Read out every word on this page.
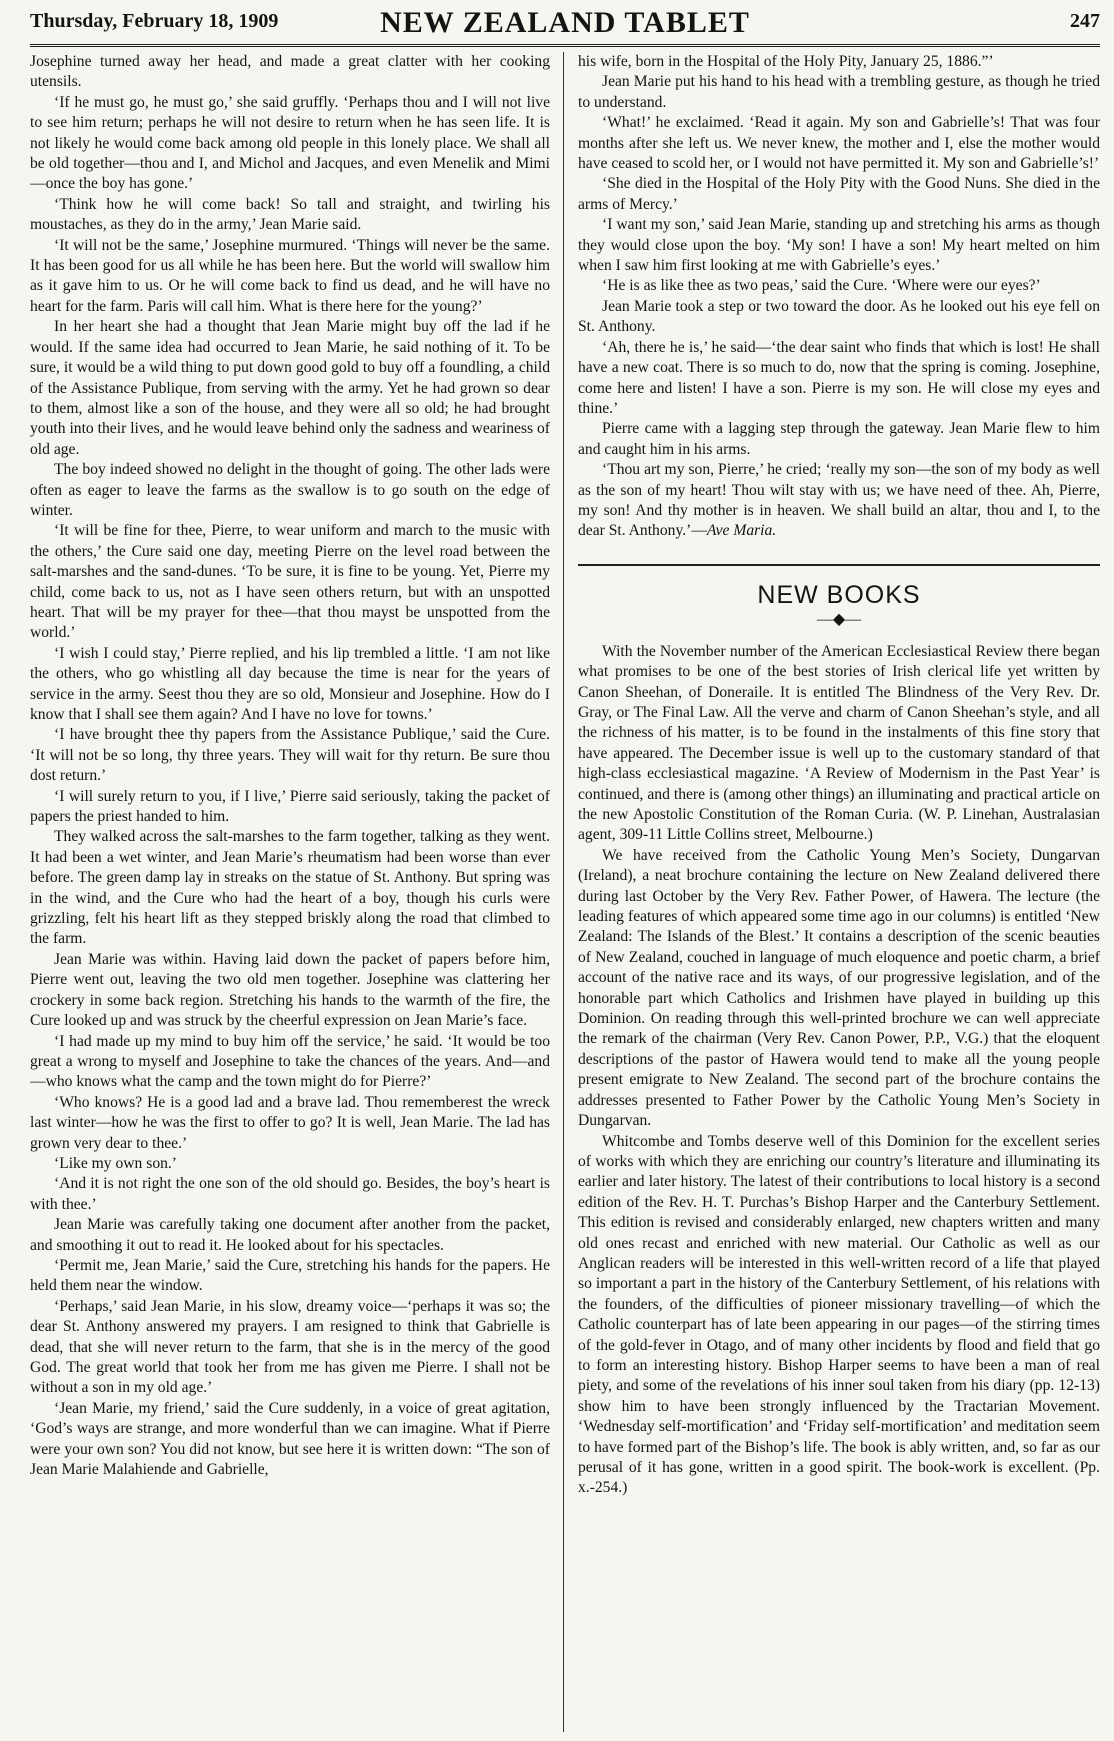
Thursday, February 18, 1909	NEW ZEALAND TABLET	247

Josephine turned away her head, and made a great clatter with her cooking utensils.

‘If he must go, he must go,’ she said gruffly. ‘Perhaps thou and I will not live to see him return; perhaps he will not desire to return when he has seen life. It is not likely he would come back among old people in this lonely place. We shall all be old together—thou and I, and Michol and Jacques, and even Menelik and Mimi—once the boy has gone.’

‘Think how he will come back! So tall and straight, and twirling his moustaches, as they do in the army,’ Jean Marie said.

‘It will not be the same,’ Josephine murmured. ‘Things will never be the same. It has been good for us all while he has been here. But the world will swallow him as it gave him to us. Or he will come back to find us dead, and he will have no heart for the farm. Paris will call him. What is there here for the young?’

In her heart she had a thought that Jean Marie might buy off the lad if he would. If the same idea had occurred to Jean Marie, he said nothing of it. To be sure, it would be a wild thing to put down good gold to buy off a foundling, a child of the Assistance Publique, from serving with the army. Yet he had grown so dear to them, almost like a son of the house, and they were all so old; he had brought youth into their lives, and he would leave behind only the sadness and weariness of old age.

The boy indeed showed no delight in the thought of going. The other lads were often as eager to leave the farms as the swallow is to go south on the edge of winter.

‘It will be fine for thee, Pierre, to wear uniform and march to the music with the others,’ the Cure said one day, meeting Pierre on the level road between the salt-marshes and the sand-dunes. ‘To be sure, it is fine to be young. Yet, Pierre my child, come back to us, not as I have seen others return, but with an unspotted heart. That will be my prayer for thee—that thou mayst be unspotted from the world.’

‘I wish I could stay,’ Pierre replied, and his lip trembled a little. ‘I am not like the others, who go whistling all day because the time is near for the years of service in the army. Seest thou they are so old, Monsieur and Josephine. How do I know that I shall see them again? And I have no love for towns.’

‘I have brought thee thy papers from the Assistance Publique,’ said the Cure. ‘It will not be so long, thy three years. They will wait for thy return. Be sure thou dost return.’

‘I will surely return to you, if I live,’ Pierre said seriously, taking the packet of papers the priest handed to him.

They walked across the salt-marshes to the farm together, talking as they went. It had been a wet winter, and Jean Marie’s rheumatism had been worse than ever before. The green damp lay in streaks on the statue of St. Anthony. But spring was in the wind, and the Cure who had the heart of a boy, though his curls were grizzling, felt his heart lift as they stepped briskly along the road that climbed to the farm.

Jean Marie was within. Having laid down the packet of papers before him, Pierre went out, leaving the two old men together. Josephine was clattering her crockery in some back region. Stretching his hands to the warmth of the fire, the Cure looked up and was struck by the cheerful expression on Jean Marie’s face.

‘I had made up my mind to buy him off the service,’ he said. ‘It would be too great a wrong to myself and Josephine to take the chances of the years. And—and—who knows what the camp and the town might do for Pierre?’

‘Who knows? He is a good lad and a brave lad. Thou rememberest the wreck last winter—how he was the first to offer to go? It is well, Jean Marie. The lad has grown very dear to thee.’

‘Like my own son.’

‘And it is not right the one son of the old should go. Besides, the boy’s heart is with thee.’

Jean Marie was carefully taking one document after another from the packet, and smoothing it out to read it. He looked about for his spectacles.

‘Permit me, Jean Marie,’ said the Cure, stretching his hands for the papers. He held them near the window.

‘Perhaps,’ said Jean Marie, in his slow, dreamy voice—‘perhaps it was so; the dear St. Anthony answered my prayers. I am resigned to think that Gabrielle is dead, that she will never return to the farm, that she is in the mercy of the good God. The great world that took her from me has given me Pierre. I shall not be without a son in my old age.’

‘Jean Marie, my friend,’ said the Cure suddenly, in a voice of great agitation, ‘God’s ways are strange, and more wonderful than we can imagine. What if Pierre were your own son? You did not know, but see here it is written down: “The son of Jean Marie Malahiende and Gabrielle,

his wife, born in the Hospital of the Holy Pity, January 25, 1886.”’

Jean Marie put his hand to his head with a trembling gesture, as though he tried to understand.

‘What!’ he exclaimed. ‘Read it again. My son and Gabrielle’s! That was four months after she left us. We never knew, the mother and I, else the mother would have ceased to scold her, or I would not have permitted it. My son and Gabrielle’s!’

‘She died in the Hospital of the Holy Pity with the Good Nuns. She died in the arms of Mercy.’

‘I want my son,’ said Jean Marie, standing up and stretching his arms as though they would close upon the boy. ‘My son! I have a son! My heart melted on him when I saw him first looking at me with Gabrielle’s eyes.’

‘He is as like thee as two peas,’ said the Cure. ‘Where were our eyes?’

Jean Marie took a step or two toward the door. As he looked out his eye fell on St. Anthony.

‘Ah, there he is,’ he said—‘the dear saint who finds that which is lost! He shall have a new coat. There is so much to do, now that the spring is coming. Josephine, come here and listen! I have a son. Pierre is my son. He will close my eyes and thine.’

Pierre came with a lagging step through the gateway. Jean Marie flew to him and caught him in his arms.

‘Thou art my son, Pierre,’ he cried; ‘really my son—the son of my body as well as the son of my heart! Thou wilt stay with us; we have need of thee. Ah, Pierre, my son! And thy mother is in heaven. We shall build an altar, thou and I, to the dear St. Anthony.’—Ave Maria.

NEW BOOKS
—◆—

With the November number of the American Ecclesiastical Review there began what promises to be one of the best stories of Irish clerical life yet written by Canon Sheehan, of Doneraile. It is entitled The Blindness of the Very Rev. Dr. Gray, or The Final Law. All the verve and charm of Canon Sheehan’s style, and all the richness of his matter, is to be found in the instalments of this fine story that have appeared. The December issue is well up to the customary standard of that high-class ecclesiastical magazine. ‘A Review of Modernism in the Past Year’ is continued, and there is (among other things) an illuminating and practical article on the new Apostolic Constitution of the Roman Curia. (W. P. Linehan, Australasian agent, 309-11 Little Collins street, Melbourne.)

We have received from the Catholic Young Men’s Society, Dungarvan (Ireland), a neat brochure containing the lecture on New Zealand delivered there during last October by the Very Rev. Father Power, of Hawera. The lecture (the leading features of which appeared some time ago in our columns) is entitled ‘New Zealand: The Islands of the Blest.’ It contains a description of the scenic beauties of New Zealand, couched in language of much eloquence and poetic charm, a brief account of the native race and its ways, of our progressive legislation, and of the honorable part which Catholics and Irishmen have played in building up this Dominion. On reading through this well-printed brochure we can well appreciate the remark of the chairman (Very Rev. Canon Power, P.P., V.G.) that the eloquent descriptions of the pastor of Hawera would tend to make all the young people present emigrate to New Zealand. The second part of the brochure contains the addresses presented to Father Power by the Catholic Young Men’s Society in Dungarvan.

Whitcombe and Tombs deserve well of this Dominion for the excellent series of works with which they are enriching our country’s literature and illuminating its earlier and later history. The latest of their contributions to local history is a second edition of the Rev. H. T. Purchas’s Bishop Harper and the Canterbury Settlement. This edition is revised and considerably enlarged, new chapters written and many old ones recast and enriched with new material. Our Catholic as well as our Anglican readers will be interested in this well-written record of a life that played so important a part in the history of the Canterbury Settlement, of his relations with the founders, of the difficulties of pioneer missionary travelling—of which the Catholic counterpart has of late been appearing in our pages—of the stirring times of the gold-fever in Otago, and of many other incidents by flood and field that go to form an interesting history. Bishop Harper seems to have been a man of real piety, and some of the revelations of his inner soul taken from his diary (pp. 12-13) show him to have been strongly influenced by the Tractarian Movement. ‘Wednesday self-mortification’ and ‘Friday self-mortification’ and meditation seem to have formed part of the Bishop’s life. The book is ably written, and, so far as our perusal of it has gone, written in a good spirit. The book-work is excellent. (Pp. x.-254.)
